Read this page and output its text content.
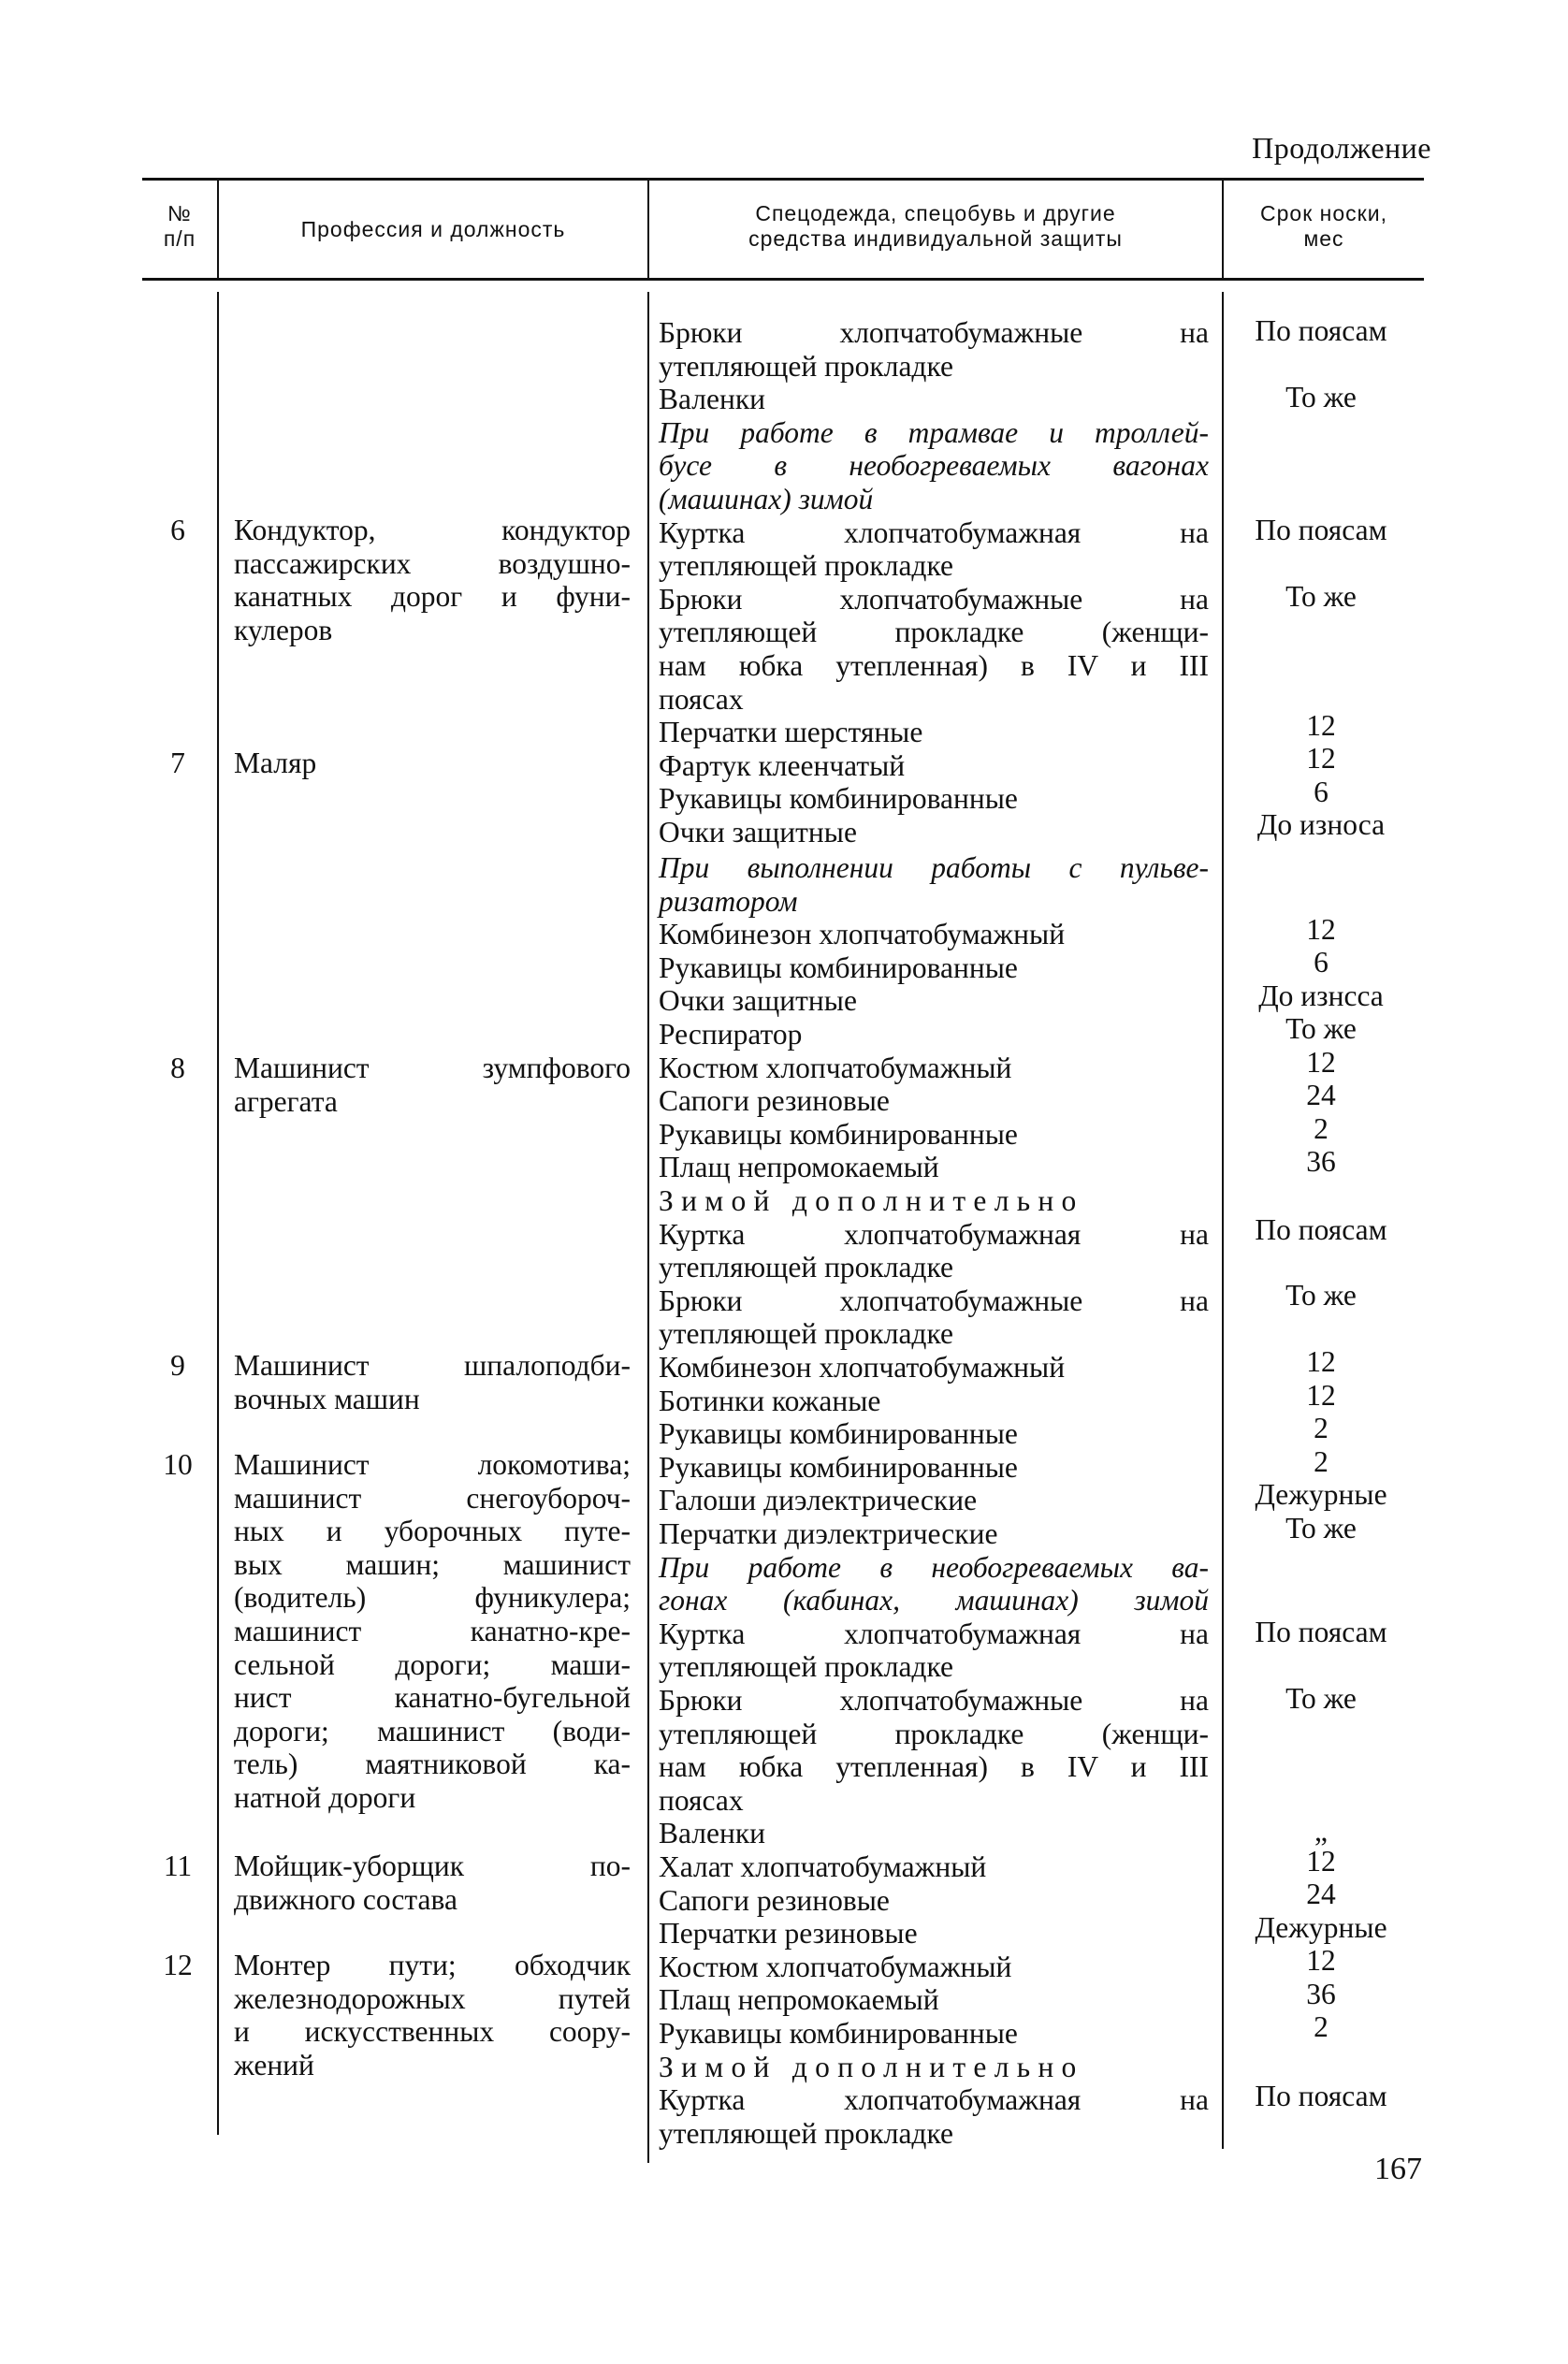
Продолжение
№
п/п	Профессия и должность
Спецодежда, спецобувь и другие
средства индивидуальной защиты
Срок носки,
мес
6
7
8
9
10
11
12
Кондуктор, кондуктор
пассажирских воздушно-
канатных дорог и фуни-
кулеров
Маляр
Машинист зумпфового
агрегата
Машинист шпалоподби-
вочных машин
Машинист локомотива;
машинист снегоубороч-
ных и уборочных путе-
вых машин; машинист
(водитель) фуникулера;
машинист канатно-кре-
сельной дороги; маши-
нист канатно-бугельной
дороги; машинист (води-
тель) маятниковой ка-
натной дороги
Мойщик-уборщик по-
движного состава
Монтер пути; обходчик
железнодорожных путей
и искусственных соору-
жений
Брюки хлопчатобумажные на
утепляющей прокладке
Валенки
При работе в трамвае и троллей-
бусе в необогреваемых вагонах
(машинах) зимой
Куртка хлопчатобумажная на
утепляющей прокладке
Брюки хлопчатобумажные на
утепляющей прокладке (женщи-
нам юбка утепленная) в IV и III
поясах
Перчатки шерстяные
Фартук клеенчатый
Рукавицы комбинированные
Очки защитные
При выполнении работы с пульве-
ризатором
Комбинезон хлопчатобумажный
Рукавицы комбинированные
Очки защитные
Респиратор
Костюм хлопчатобумажный
Сапоги резиновые
Рукавицы комбинированные
Плащ непромокаемый
Зимой дополнительно
Куртка хлопчатобумажная на
утепляющей прокладке
Брюки хлопчатобумажные на
утепляющей прокладке
Комбинезон хлопчатобумажный
Ботинки кожаные
Рукавицы комбинированные
Рукавицы комбинированные
Галоши диэлектрические
Перчатки диэлектрические
При работе в необогреваемых ва-
гонах (кабинах, машинах) зимой
Куртка хлопчатобумажная на
утепляющей прокладке
Брюки хлопчатобумажные на
утепляющей прокладке (женщи-
нам юбка утепленная) в IV и III
поясах
Валенки
Халат хлопчатобумажный
Сапоги резиновые
Перчатки резиновые
Костюм хлопчатобумажный
Плащ непромокаемый
Рукавицы комбинированные
Зимой дополнительно
Куртка хлопчатобумажная на
утепляющей прокладке
По поясам
То же
По поясам
То же
12
12
6
До износа
12
6
До изнсса
То же
12
24
2
36
По поясам
То же
12
12
2
2
Дежурные
То же
По поясам
То же
„
12
24
Дежурные
12
36
2
По поясам
167
